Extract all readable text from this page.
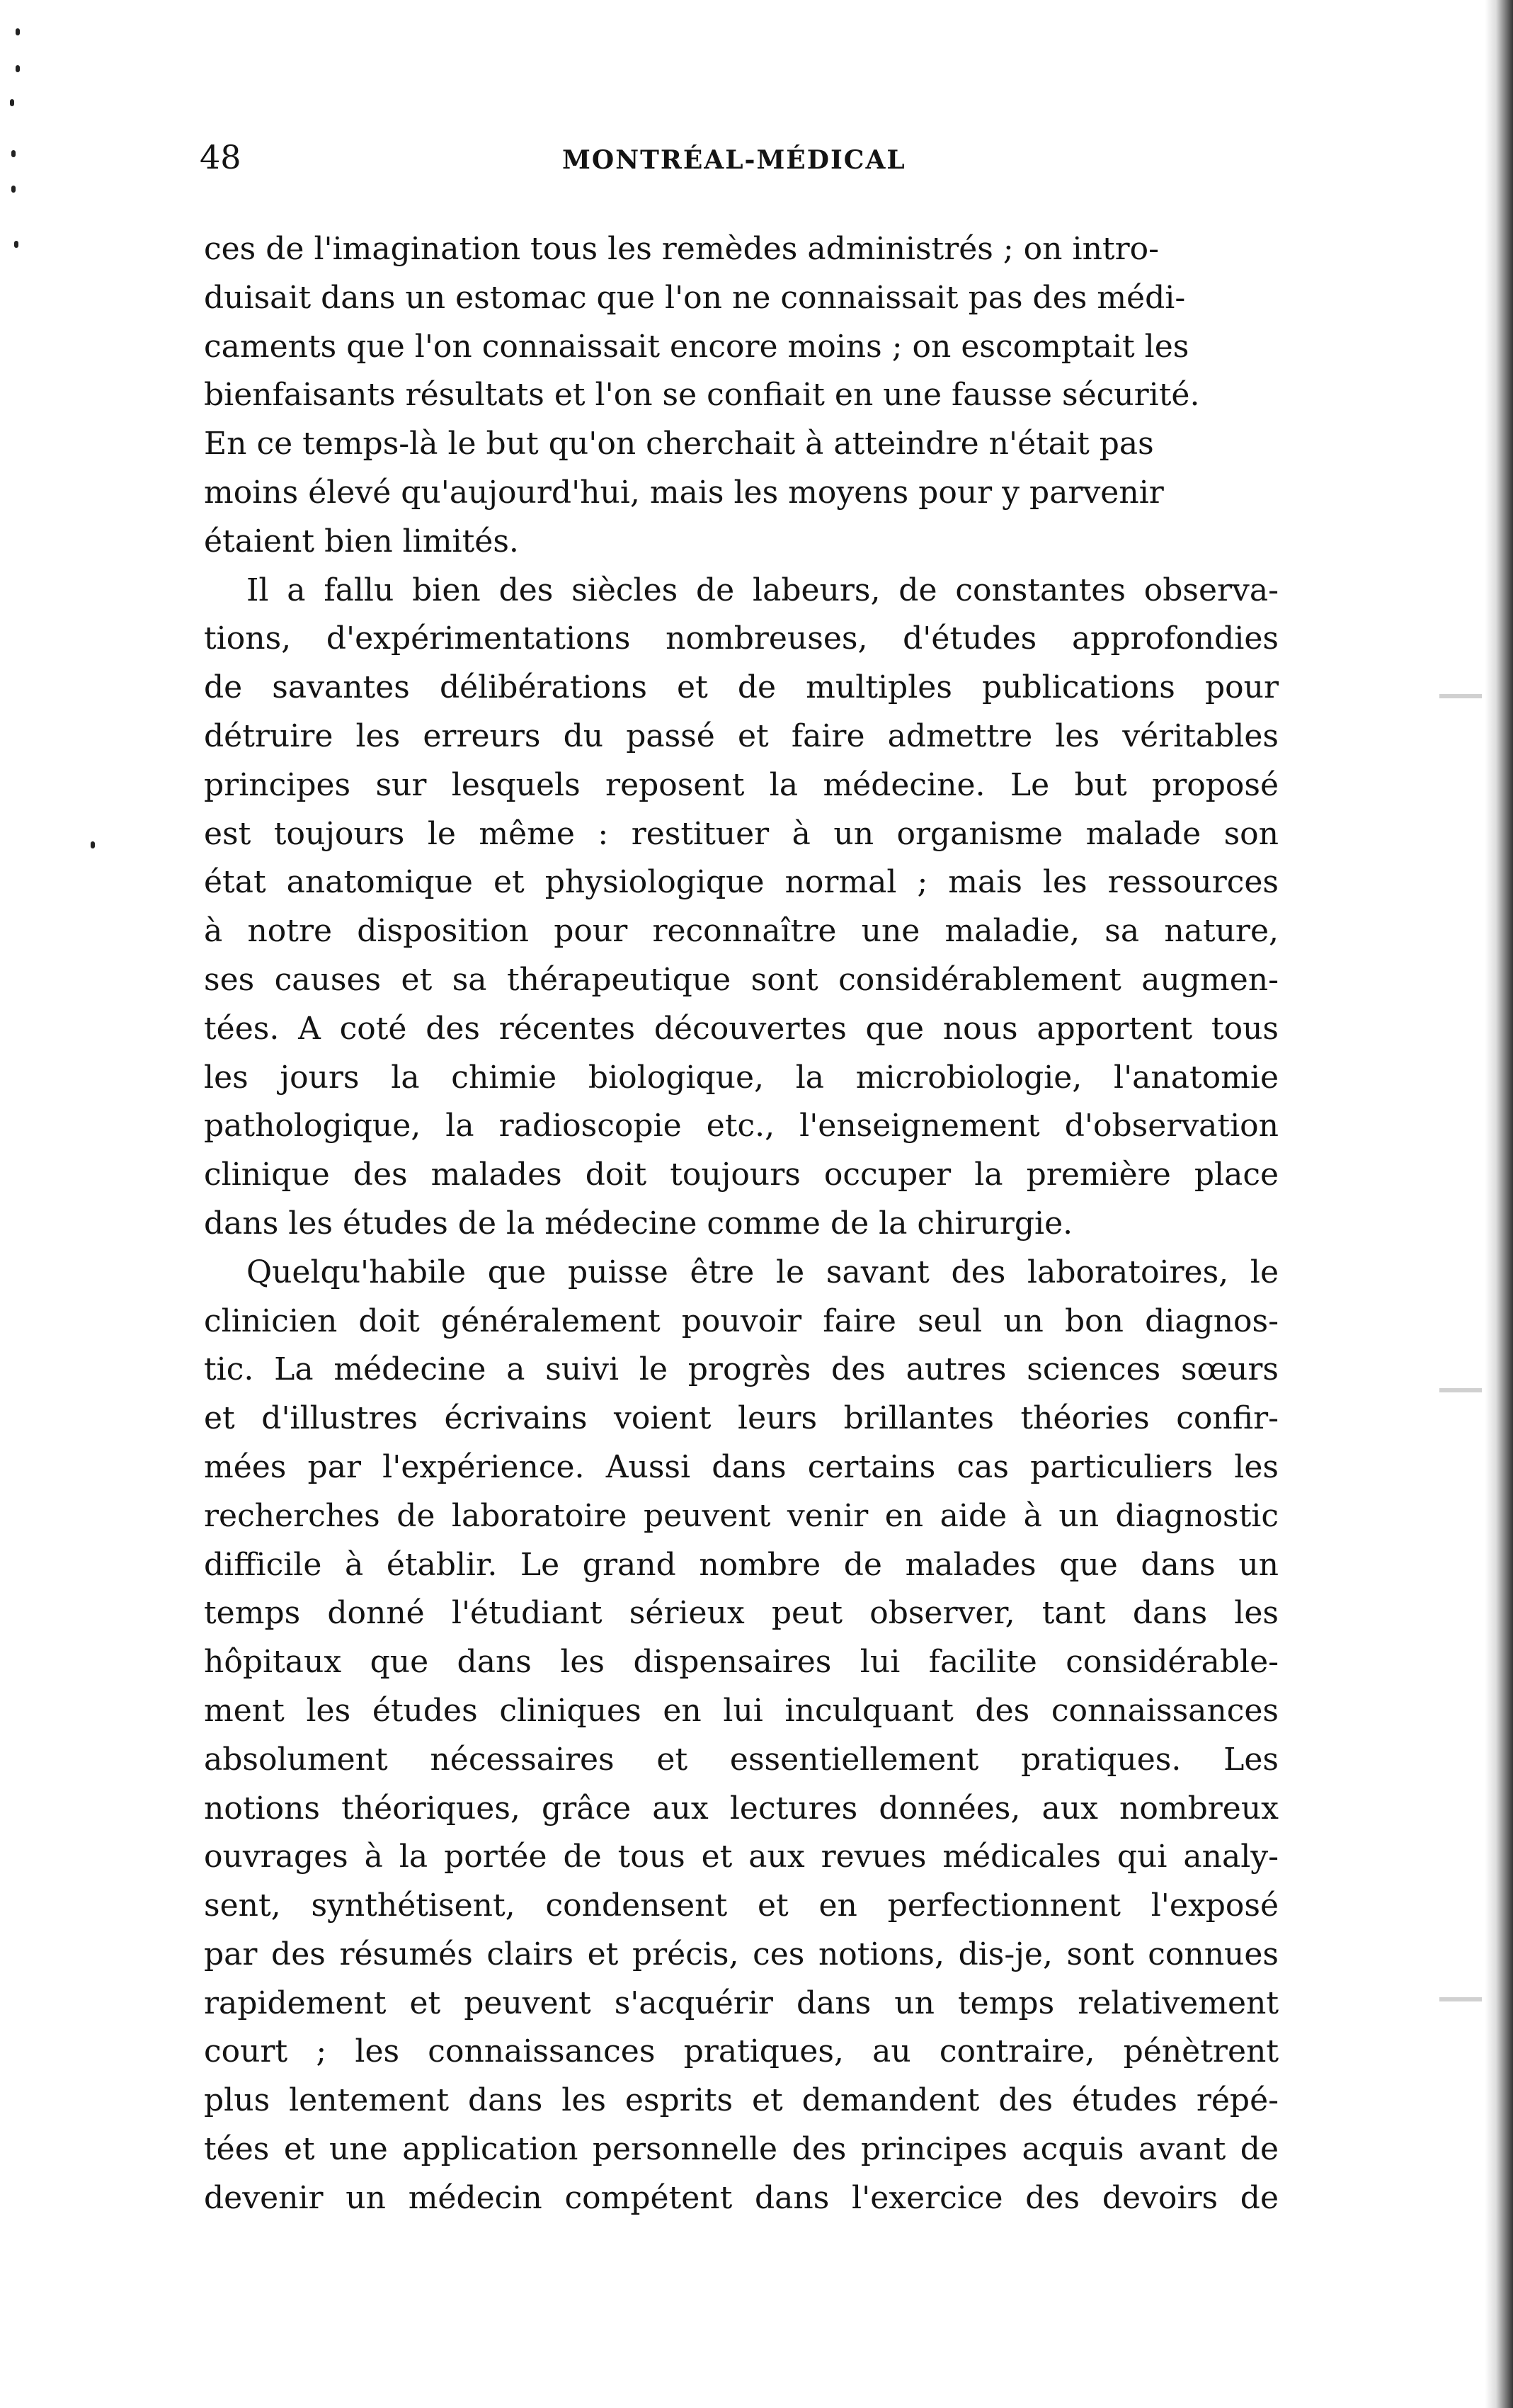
48	MONTRÉAL-MÉDICAL

ces de l'imagination tous les remèdes administrés ; on intro-
duisait dans un estomac que l'on ne connaissait pas des médi-
caments que l'on connaissait encore moins ; on escomptait les
bienfaisants résultats et l'on se confiait en une fausse sécurité.
En ce temps-là le but qu'on cherchait à atteindre n'était pas
moins élevé qu'aujourd'hui, mais les moyens pour y parvenir
étaient bien limités.

Il a fallu bien des siècles de labeurs, de constantes observa-
tions, d'expérimentations nombreuses, d'études approfondies
de savantes délibérations et de multiples publications pour
détruire les erreurs du passé et faire admettre les véritables
principes sur lesquels reposent la médecine. Le but proposé
est toujours le même : restituer à un organisme malade son
état anatomique et physiologique normal ; mais les ressources
à notre disposition pour reconnaître une maladie, sa nature,
ses causes et sa thérapeutique sont considérablement augmen-
tées. A coté des récentes découvertes que nous apportent tous
les jours la chimie biologique, la microbiologie, l'anatomie
pathologique, la radioscopie etc., l'enseignement d'observation
clinique des malades doit toujours occuper la première place
dans les études de la médecine comme de la chirurgie.

Quelqu'habile que puisse être le savant des laboratoires, le
clinicien doit généralement pouvoir faire seul un bon diagnos-
tic. La médecine a suivi le progrès des autres sciences sœurs
et d'illustres écrivains voient leurs brillantes théories confir-
mées par l'expérience. Aussi dans certains cas particuliers les
recherches de laboratoire peuvent venir en aide à un diagnostic
difficile à établir. Le grand nombre de malades que dans un
temps donné l'étudiant sérieux peut observer, tant dans les
hôpitaux que dans les dispensaires lui facilite considérable-
ment les études cliniques en lui inculquant des connaissances
absolument nécessaires et essentiellement pratiques. Les
notions théoriques, grâce aux lectures données, aux nombreux
ouvrages à la portée de tous et aux revues médicales qui analy-
sent, synthétisent, condensent et en perfectionnent l'exposé
par des résumés clairs et précis, ces notions, dis-je, sont connues
rapidement et peuvent s'acquérir dans un temps relativement
court ; les connaissances pratiques, au contraire, pénètrent
plus lentement dans les esprits et demandent des études répé-
tées et une application personnelle des principes acquis avant de
devenir un médecin compétent dans l'exercice des devoirs de
